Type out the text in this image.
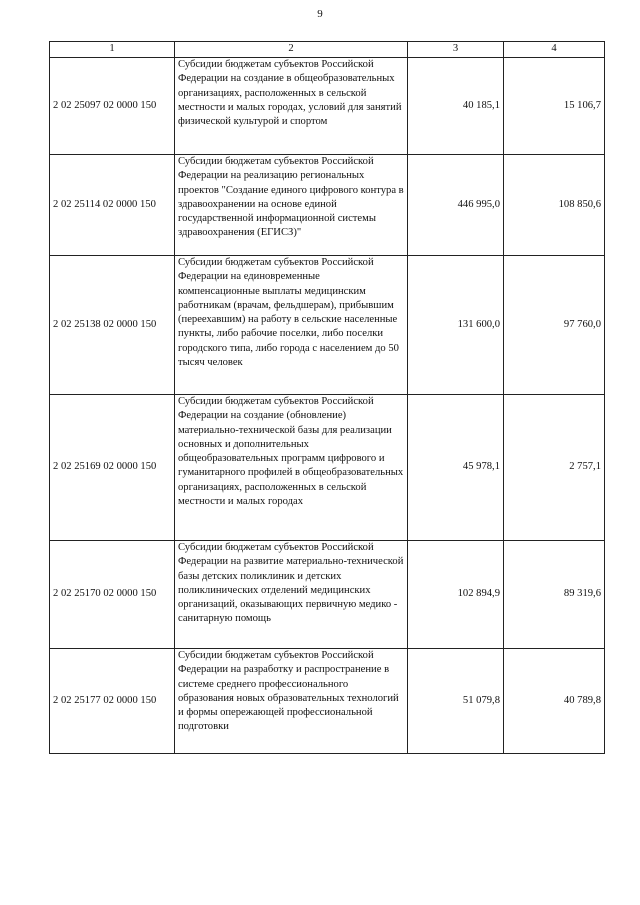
9
1	2	3	4
2 02 25097 02 0000 150	Субсидии бюджетам субъектов Российской Федерации на создание в общеобразовательных организациях, расположенных в сельской местности и малых городах, условий для занятий физической культурой и спортом	40 185,1	15 106,7
2 02 25114 02 0000 150	Субсидии бюджетам субъектов Российской Федерации на реализацию региональных проектов "Создание единого цифрового контура в здравоохранении на основе единой государственной информационной системы здравоохранения (ЕГИСЗ)"	446 995,0	108 850,6
2 02 25138 02 0000 150	Субсидии бюджетам субъектов Российской Федерации на единовременные компенсационные выплаты медицинским работникам (врачам, фельдшерам), прибывшим (переехавшим) на работу в сельские населенные пункты, либо рабочие поселки, либо поселки городского типа, либо города с населением до 50 тысяч человек	131 600,0	97 760,0
2 02 25169 02 0000 150	Субсидии бюджетам субъектов Российской Федерации на создание (обновление) материально-технической базы для реализации основных и дополнительных общеобразовательных программ цифрового и гуманитарного профилей в общеобразовательных организациях, расположенных в сельской местности и малых городах	45 978,1	2 757,1
2 02 25170 02 0000 150	Субсидии бюджетам субъектов Российской Федерации на развитие материально-технической базы детских поликлиник и детских поликлинических отделений медицинских организаций, оказывающих первичную медико - санитарную помощь	102 894,9	89 319,6
2 02 25177 02 0000 150	Субсидии бюджетам субъектов Российской Федерации на разработку и распространение в системе среднего профессионального образования новых образовательных технологий и формы опережающей профессиональной подготовки	51 079,8	40 789,8
